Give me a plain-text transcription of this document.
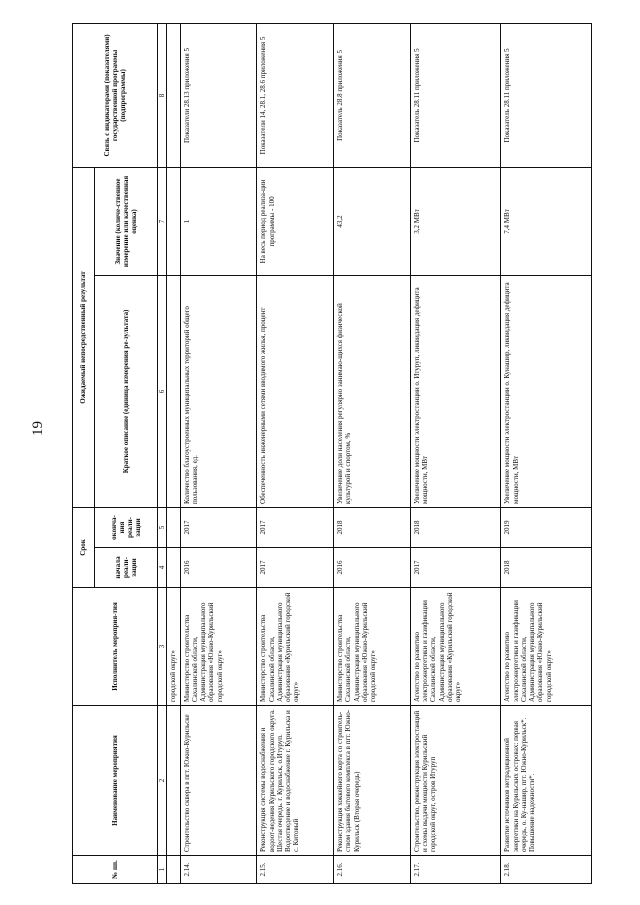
19
№ пп.	Наименование мероприятия	Исполнитель мероприя-тия	Срок		Ожидаемый непосредственный результат		Связь с индикаторами (показателями) государственной программы (подпрограммы)
			начала реали-зации	оконча-ния реали-зации	Краткое описание (единица измерения ре-зультата)	Значение (количе-ственное измерение или качественная оценка)	
1	2	3	4	5	6	7	8
		городской округ»					
2.14.	Строительство сквера в пгт. Южно-Курильске	Министерство строительства Сахалинской области, Администрация муниципального образования «Южно-Курильский городской округ»	2016	2017	Количество благоустроенных муниципальных территорий общего пользования, ед.	1	Показатели 28.13 приложения 5
2.15.	Реконструкция системы водоснабжения и водоот-ведения Курильского городского округа. Шестая очередь. г. Курильск, о.Итуруп. Водоотведение и водоснабжение г. Курильска и с. Китовый	Министерство строительства Сахалинской области, Администрация муниципального образования «Курильский городской округ»	2017	2017	Обеспеченность инженерными сетями вводимого жилья, процент	На весь период реализа-ции программы - 100	Показатели 14, 28.1, 28.6 приложения 5
2.16.	Реконструкция хоккейного корта со строитель-ством здания бытового комплекса в пгт. Южно-Курильск (Вторая очередь)	Министерство строительства Сахалинской области, Администрация муниципального образования «Южно-Курильский городской округ»	2016	2018	Увеличение доли населения регулярно занимаю-щихся физической культурой и спортом, %	43,2	Показатель 28.8 приложения 5
2.17.	Строительство, реконструкция электростанций и схемы выдачи мощности Курильский городской округ, остров Итуруп	Агентство по развитию электроэнергетики и газификации Сахалинской области, Администрация муниципального образования «Курильский городской округ»	2017	2018	Увеличение мощности электростанции о. Итуруп, ликвидация дефицита мощности, МВт	3,2 МВт	Показатель 28.11 приложения 5
2.18.	Развитие источников нетрадиционной энергетики на Курильских островах: первая очередь, о. Ку-нашир, пгт. Южно-Курильск*. Повышение надежности*.	Агентство по развитию электроэнергетики и газификации Сахалинской области, Администрация муниципального образования «Южно-Курильский городской округ»	2018	2019	Увеличение мощности электростанции о. Кунашир, ликвидация дефицита мощности, МВт	7,4 МВт	Показатель 28.11 приложения 5
